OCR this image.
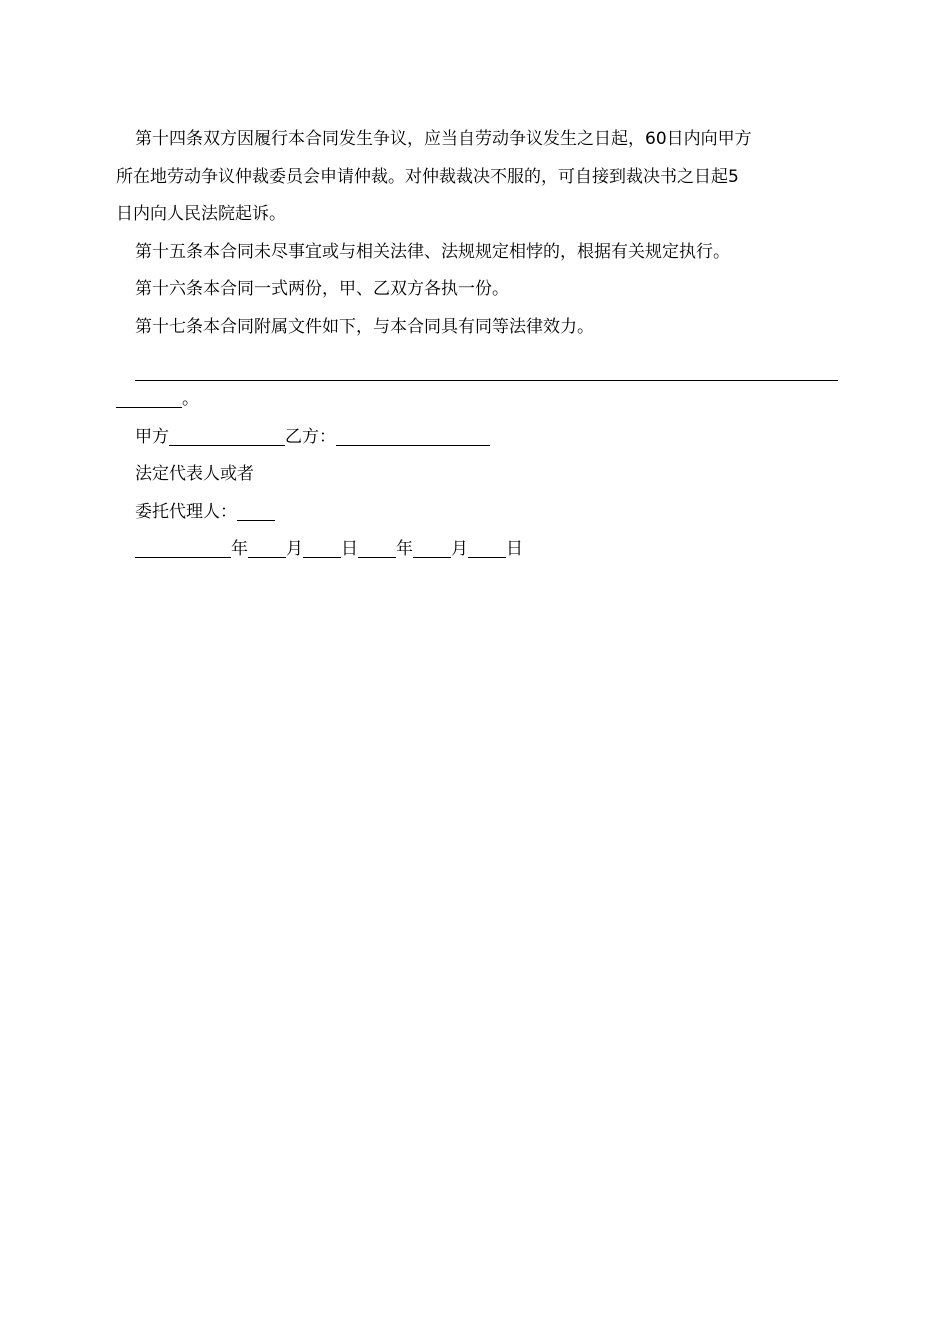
第十四条双方因履行本合同发生争议，应当自劳动争议发生之日起，60日内向甲方

所在地劳动争议仲裁委员会申请仲裁。对仲裁裁决不服的，可自接到裁决书之日起5

日内向人民法院起诉。

第十五条本合同未尽事宜或与相关法律、法规规定相悖的，根据有关规定执行。

第十六条本合同一式两份，甲、乙双方各执一份。

第十七条本合同附属文件如下，与本合同具有同等法律效力。

。

甲方	乙方：

法定代表人或者

委托代理人：

年 月 日 年 月 日
